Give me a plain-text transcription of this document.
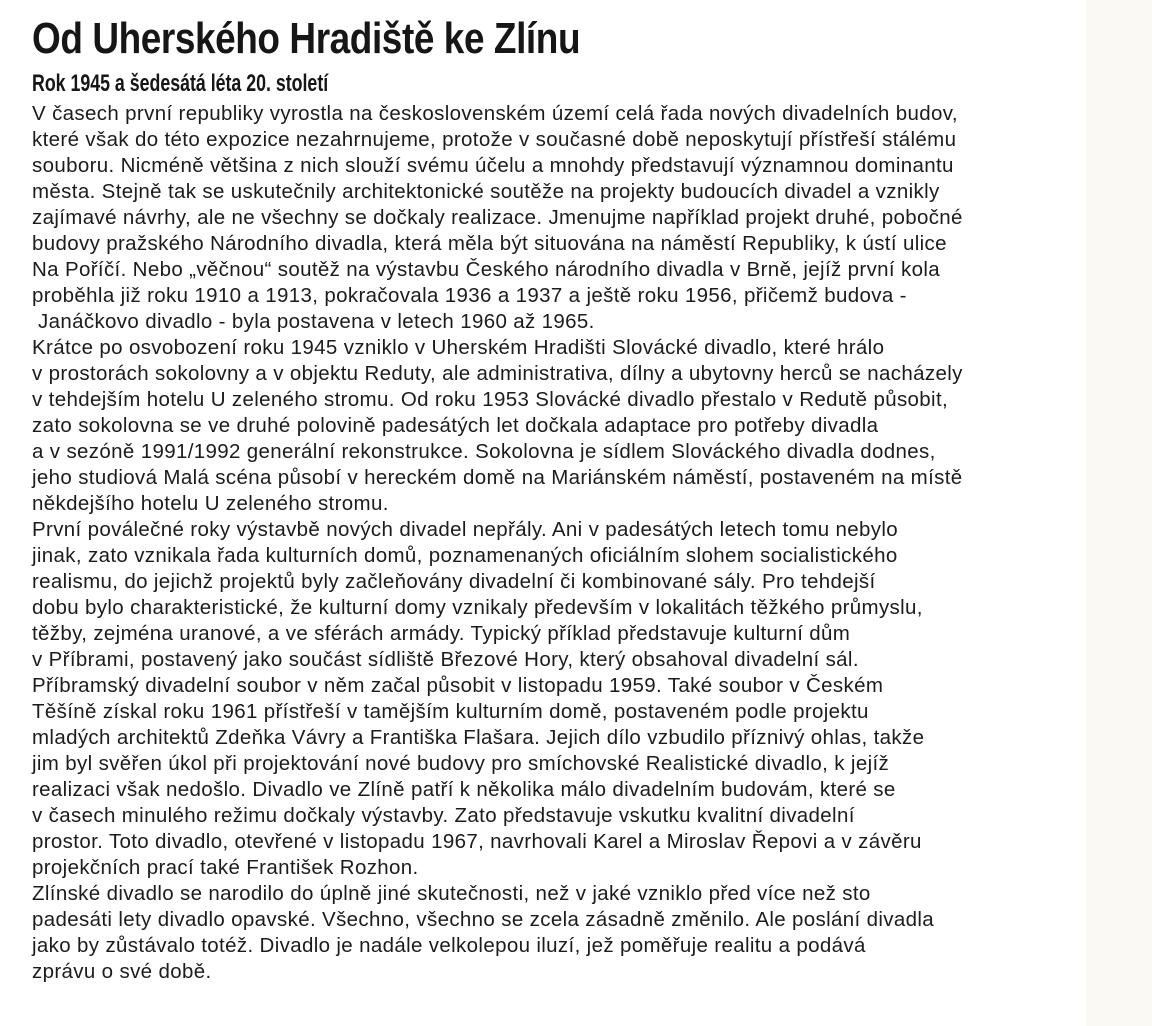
Od Uherského Hradiště ke Zlínu
Rok 1945 a šedesátá léta 20. století
V časech první republiky vyrostla na československém území celá řada nových divadelních budov,
které však do této expozice nezahrnujeme, protože v současné době neposkytují přístřeší stálému
souboru. Nicméně většina z nich slouží svému účelu a mnohdy představují významnou dominantu
města. Stejně tak se uskutečnily architektonické soutěže na projekty budoucích divadel a vznikly
zajímavé návrhy, ale ne všechny se dočkaly realizace. Jmenujme například projekt druhé, pobočné
budovy pražského Národního divadla, která měla být situována na náměstí Republiky, k ústí ulice
Na Poříčí. Nebo „věčnou“ soutěž na výstavbu Českého národního divadla v Brně, jejíž první kola
proběhla již roku 1910 a 1913, pokračovala 1936 a 1937 a ještě roku 1956, přičemž budova -
Janáčkovo divadlo - byla postavena v letech 1960 až 1965.
Krátce po osvobození roku 1945 vzniklo v Uherském Hradišti Slovácké divadlo, které hrálo
v prostorách sokolovny a v objektu Reduty, ale administrativa, dílny a ubytovny herců se nacházely
v tehdejším hotelu U zeleného stromu. Od roku 1953 Slovácké divadlo přestalo v Redutě působit,
zato sokolovna se ve druhé polovině padesátých let dočkala adaptace pro potřeby divadla
a v sezóně 1991/1992 generální rekonstrukce. Sokolovna je sídlem Slováckého divadla dodnes,
jeho studiová Malá scéna působí v hereckém domě na Mariánském náměstí, postaveném na místě
někdejšího hotelu U zeleného stromu.
První poválečné roky výstavbě nových divadel nepřály. Ani v padesátých letech tomu nebylo
jinak, zato vznikala řada kulturních domů, poznamenaných oficiálním slohem socialistického
realismu, do jejichž projektů byly začleňovány divadelní či kombinované sály. Pro tehdejší
dobu bylo charakteristické, že kulturní domy vznikaly především v lokalitách těžkého průmyslu,
těžby, zejména uranové, a ve sférách armády. Typický příklad představuje kulturní dům
v Příbrami, postavený jako součást sídliště Březové Hory, který obsahoval divadelní sál.
Příbramský divadelní soubor v něm začal působit v listopadu 1959. Také soubor v Českém
Těšíně získal roku 1961 přístřeší v tamějším kulturním domě, postaveném podle projektu
mladých architektů Zdeňka Vávry a Františka Flašara. Jejich dílo vzbudilo příznivý ohlas, takže
jim byl svěřen úkol při projektování nové budovy pro smíchovské Realistické divadlo, k jejíž
realizaci však nedošlo. Divadlo ve Zlíně patří k několika málo divadelním budovám, které se
v časech minulého režimu dočkaly výstavby. Zato představuje vskutku kvalitní divadelní
prostor. Toto divadlo, otevřené v listopadu 1967, navrhovali Karel a Miroslav Řepovi a v závěru
projekčních prací také František Rozhon.
Zlínské divadlo se narodilo do úplně jiné skutečnosti, než v jaké vzniklo před více než sto
padesáti lety divadlo opavské. Všechno, všechno se zcela zásadně změnilo. Ale poslání divadla
jako by zůstávalo totéž. Divadlo je nadále velkolepou iluzí, jež poměřuje realitu a podává
zprávu o své době.
